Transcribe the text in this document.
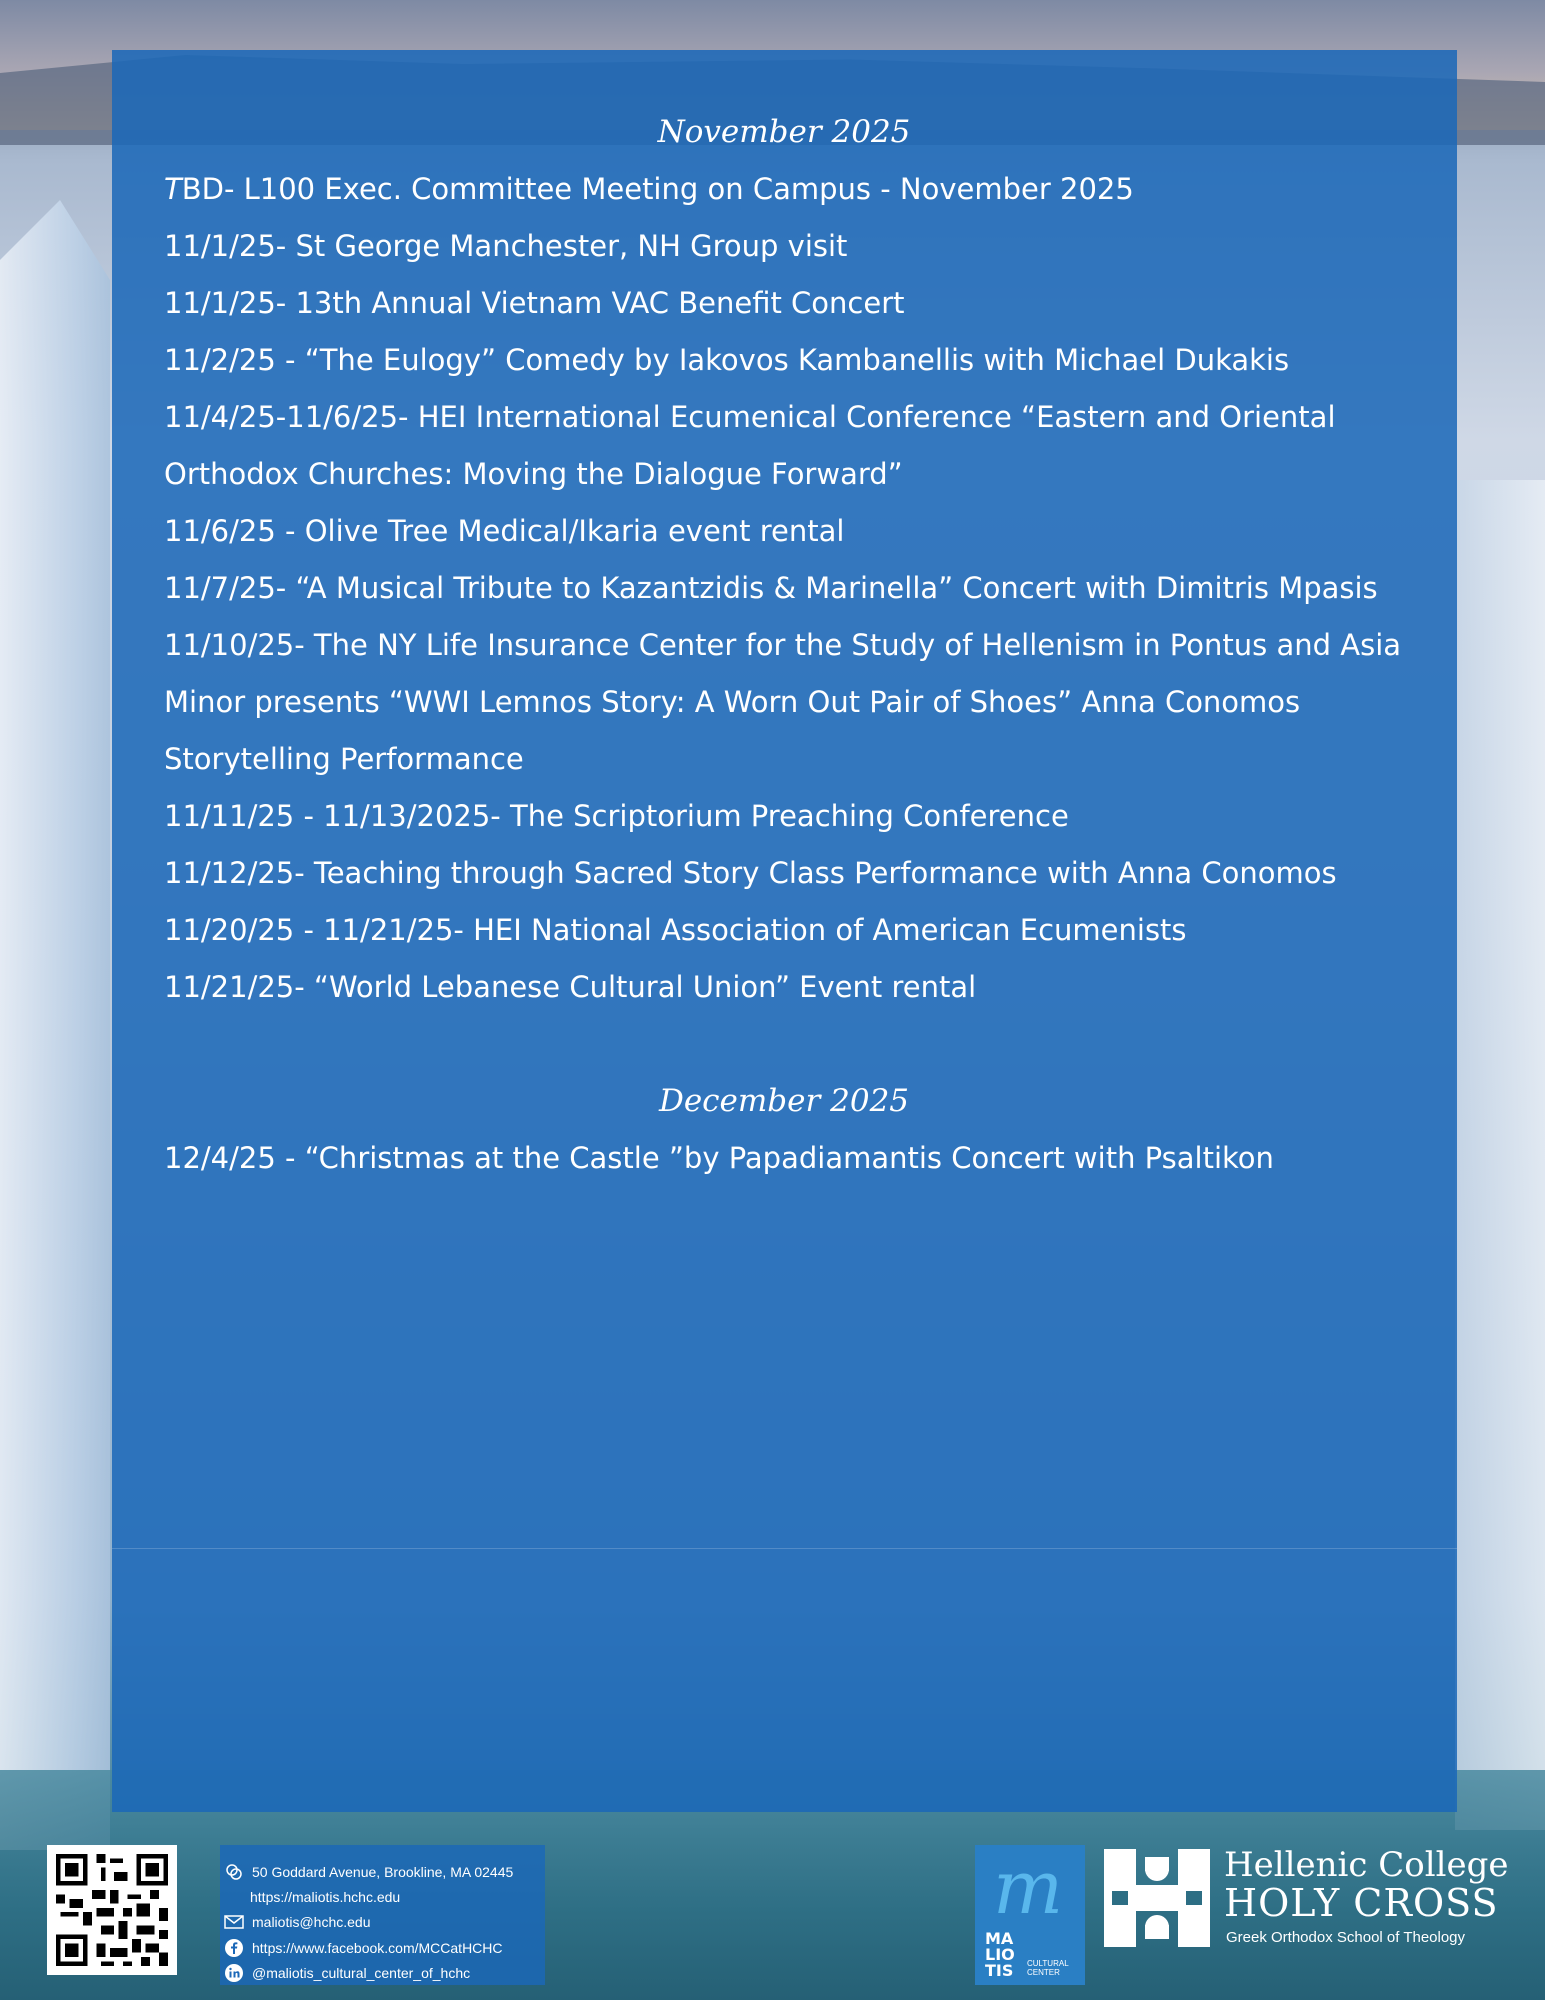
November 2025

TBD- L100 Exec. Committee Meeting on Campus - November 2025

11/1/25- St George Manchester, NH Group visit

11/1/25- 13th Annual Vietnam VAC Benefit Concert

11/2/25 - “The Eulogy” Comedy by Iakovos Kambanellis with Michael Dukakis

11/4/25-11/6/25- HEI International Ecumenical Conference “Eastern and Oriental Orthodox Churches: Moving the Dialogue Forward”

11/6/25 - Olive Tree Medical/Ikaria event rental

11/7/25- “A Musical Tribute to Kazantzidis & Marinella” Concert with Dimitris Mpasis

11/10/25- The NY Life Insurance Center for the Study of Hellenism in Pontus and Asia Minor presents “WWI Lemnos Story: A Worn Out Pair of Shoes” Anna Conomos Storytelling Performance

11/11/25 - 11/13/2025- The Scriptorium Preaching Conference

11/12/25- Teaching through Sacred Story Class Performance with Anna Conomos

11/20/25 - 11/21/25- HEI National Association of American Ecumenists

11/21/25- “World Lebanese Cultural Union” Event rental

December 2025

12/4/25 - “Christmas at the Castle ”by Papadiamantis Concert with Psaltikon

50 Goddard Avenue, Brookline, MA 02445
https://maliotis.hchc.edu
maliotis@hchc.edu
https://www.facebook.com/MCCatHCHC
@maliotis_cultural_center_of_hchc
m
MA
LIO
TIS CULTURAL
CENTER
Hellenic College
HOLY CROSS
Greek Orthodox School of Theology
